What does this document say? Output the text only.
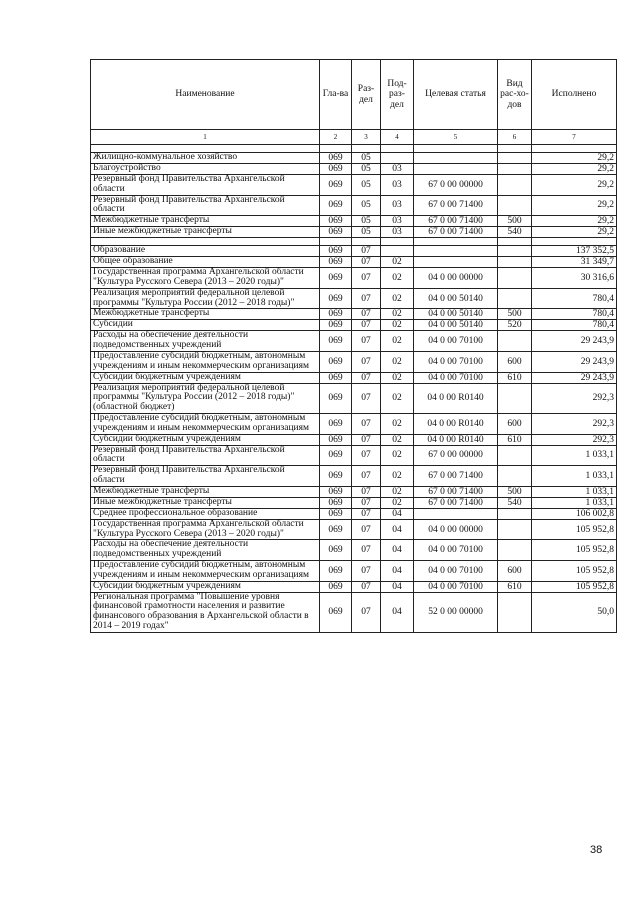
Наименование	Гла-ва	Раз-дел	Под-раз-дел	Целевая статья	Вид рас-хо-дов	Исполнено
1	2	3	4	5	6	7

Жилищно-коммунальное хозяйство	069	05				29,2
Благоустройство	069	05	03			29,2
Резервный фонд Правительства Архангельской области	069	05	03	67 0 00 00000		29,2
Резервный фонд Правительства Архангельской области	069	05	03	67 0 00 71400		29,2
Межбюджетные трансферты	069	05	03	67 0 00 71400	500	29,2
Иные межбюджетные трансферты	069	05	03	67 0 00 71400	540	29,2

Образование	069	07				137 352,5
Общее образование	069	07	02			31 349,7
Государственная программа Архангельской области "Культура Русского Севера (2013 – 2020 годы)"	069	07	02	04 0 00 00000		30 316,6
Реализация мероприятий федеральной целевой программы "Культура России (2012 – 2018 годы)"	069	07	02	04 0 00 50140		780,4
Межбюджетные трансферты	069	07	02	04 0 00 50140	500	780,4
Субсидии	069	07	02	04 0 00 50140	520	780,4
Расходы на обеспечение деятельности подведомственных учреждений	069	07	02	04 0 00 70100		29 243,9
Предоставление субсидий бюджетным, автономным учреждениям и иным некоммерческим организациям	069	07	02	04 0 00 70100	600	29 243,9
Субсидии бюджетным учреждениям	069	07	02	04 0 00 70100	610	29 243,9
Реализация мероприятий федеральной целевой программы "Культура России (2012 – 2018 годы)" (областной бюджет)	069	07	02	04 0 00 R0140		292,3
Предоставление субсидий бюджетным, автономным учреждениям и иным некоммерческим организациям	069	07	02	04 0 00 R0140	600	292,3
Субсидии бюджетным учреждениям	069	07	02	04 0 00 R0140	610	292,3
Резервный фонд Правительства Архангельской области	069	07	02	67 0 00 00000		1 033,1
Резервный фонд Правительства Архангельской области	069	07	02	67 0 00 71400		1 033,1
Межбюджетные трансферты	069	07	02	67 0 00 71400	500	1 033,1
Иные межбюджетные трансферты	069	07	02	67 0 00 71400	540	1 033,1
Среднее профессиональное образование	069	07	04			106 002,8
Государственная программа Архангельской области "Культура Русского Севера (2013 – 2020 годы)"	069	07	04	04 0 00 00000		105 952,8
Расходы на обеспечение деятельности подведомственных учреждений	069	07	04	04 0 00 70100		105 952,8
Предоставление субсидий бюджетным, автономным учреждениям и иным некоммерческим организациям	069	07	04	04 0 00 70100	600	105 952,8
Субсидии бюджетным учреждениям	069	07	04	04 0 00 70100	610	105 952,8
Региональная программа "Повышение уровня финансовой грамотности населения и развитие финансового образования в Архангельской области в 2014 – 2019 годах"	069	07	04	52 0 00 00000		50,0
38
